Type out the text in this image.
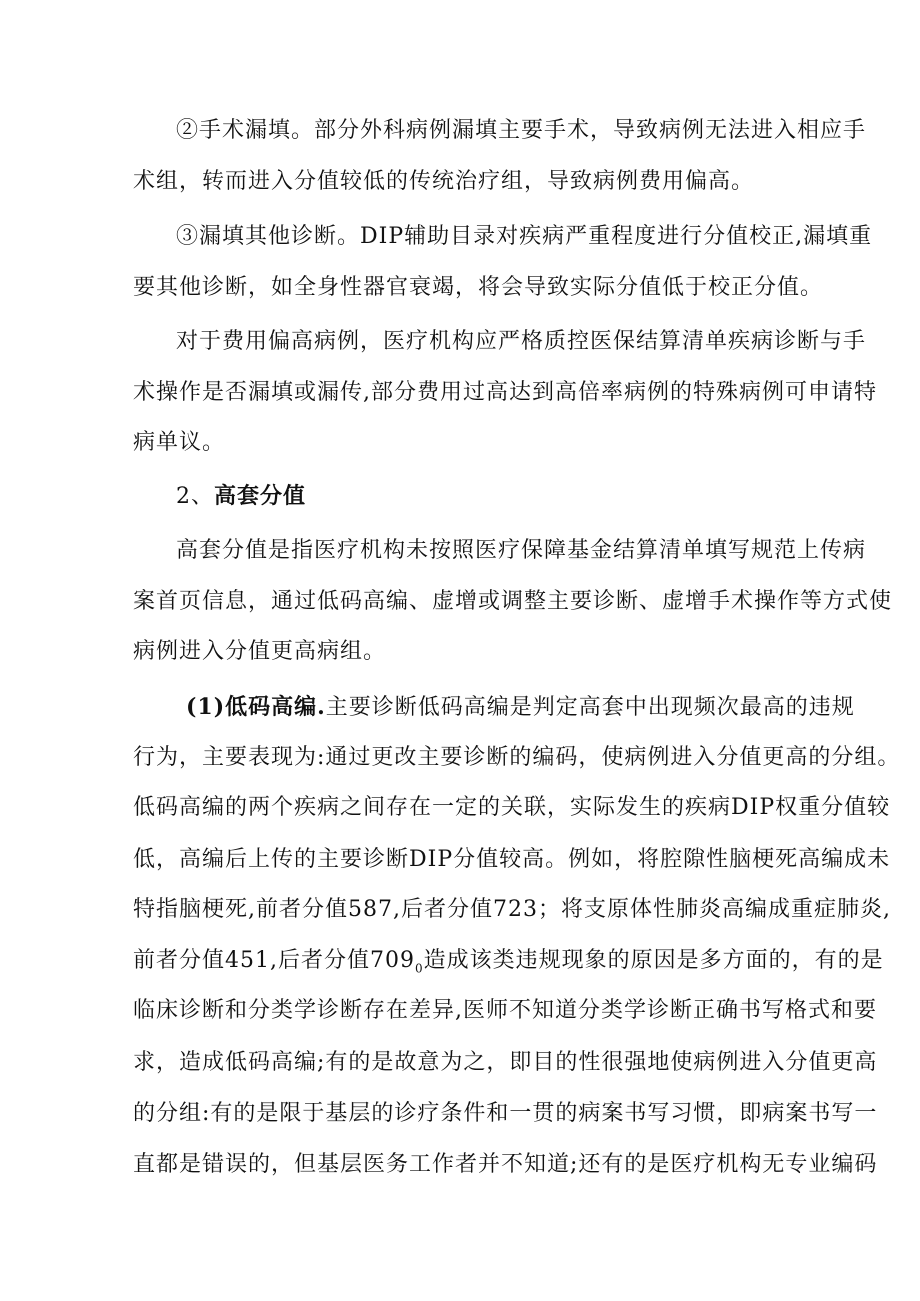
②手术漏填。部分外科病例漏填主要手术，导致病例无法进入相应手
术组，转而进入分值较低的传统治疗组，导致病例费用偏高。
③漏填其他诊断。DIP辅助目录对疾病严重程度进行分值校正,漏填重
要其他诊断，如全身性器官衰竭，将会导致实际分值低于校正分值。
对于费用偏高病例，医疗机构应严格质控医保结算清单疾病诊断与手
术操作是否漏填或漏传,部分费用过高达到高倍率病例的特殊病例可申请特
病单议。
2、高套分值
高套分值是指医疗机构未按照医疗保障基金结算清单填写规范上传病
案首页信息，通过低码高编、虚增或调整主要诊断、虚增手术操作等方式使
病例进入分值更高病组。
(1)低码高编.主要诊断低码高编是判定高套中出现频次最高的违规
行为，主要表现为:通过更改主要诊断的编码，使病例进入分值更高的分组。
低码高编的两个疾病之间存在一定的关联，实际发生的疾病DIP权重分值较
低，高编后上传的主要诊断DIP分值较高。例如，将腔隙性脑梗死高编成未
特指脑梗死,前者分值587,后者分值723；将支原体性肺炎高编成重症肺炎,
前者分值451,后者分值$709_0$造成该类违规现象的原因是多方面的，有的是
临床诊断和分类学诊断存在差异,医师不知道分类学诊断正确书写格式和要
求，造成低码高编;有的是故意为之，即目的性很强地使病例进入分值更高
的分组:有的是限于基层的诊疗条件和一贯的病案书写习惯，即病案书写一
直都是错误的，但基层医务工作者并不知道;还有的是医疗机构无专业编码
